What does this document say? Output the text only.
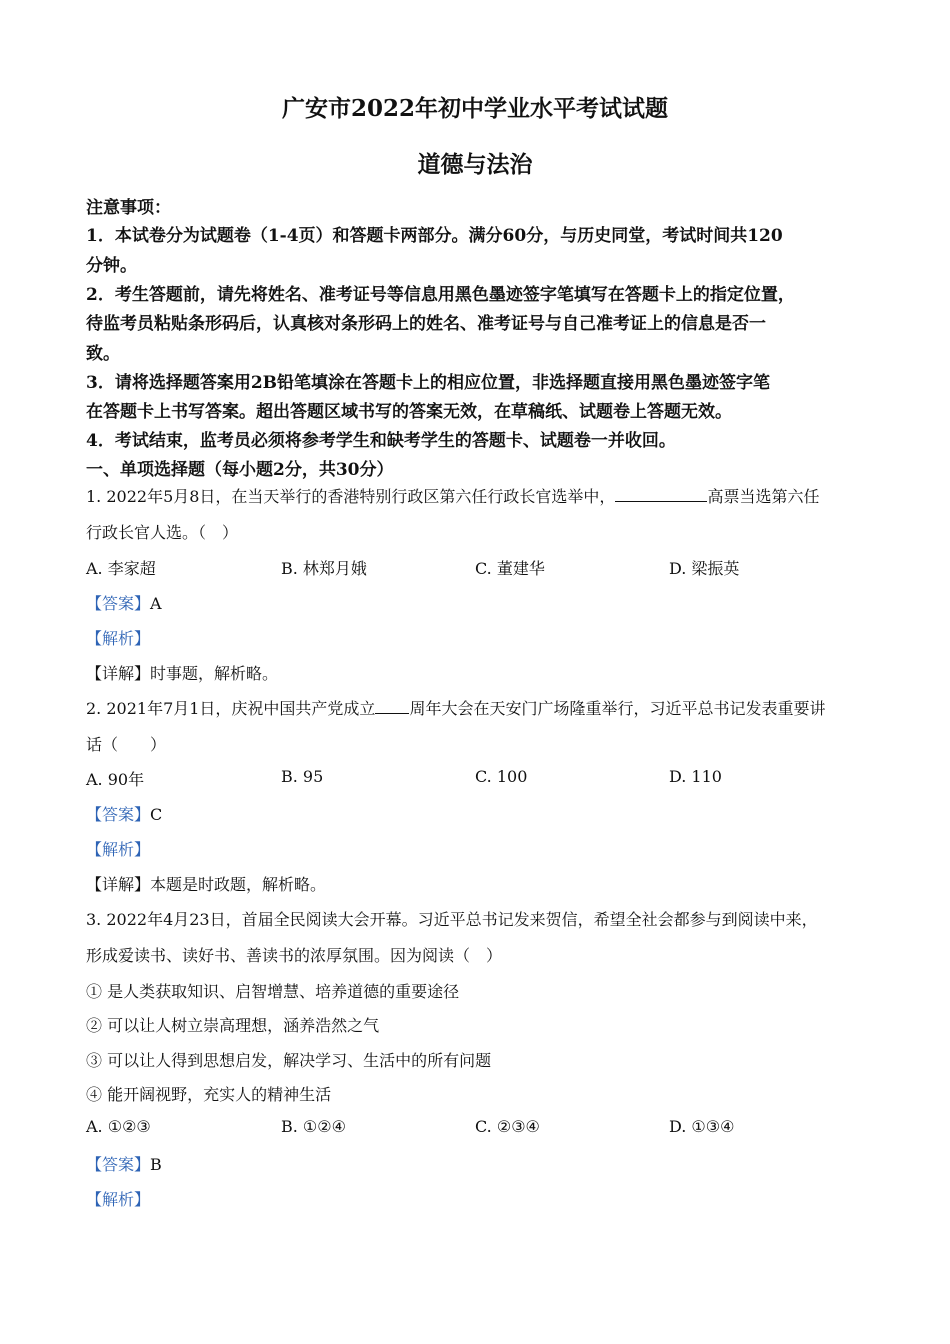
广安市2022年初中学业水平考试试题
道德与法治
注意事项：
1．本试卷分为试题卷（1-4页）和答题卡两部分。满分60分，与历史同堂，考试时间共120
分钟。
2．考生答题前，请先将姓名、准考证号等信息用黑色墨迹签字笔填写在答题卡上的指定位置，
待监考员粘贴条形码后，认真核对条形码上的姓名、准考证号与自己准考证上的信息是否一
致。
3．请将选择题答案用2B铅笔填涂在答题卡上的相应位置，非选择题直接用黑色墨迹签字笔
在答题卡上书写答案。超出答题区域书写的答案无效，在草稿纸、试题卷上答题无效。
4．考试结束，监考员必须将参考学生和缺考学生的答题卡、试题卷一并收回。
一、单项选择题（每小题2分，共30分）
1. 2022年5月8日，在当天举行的香港特别行政区第六任行政长官选举中，	高票当选第六任
行政长官人选。（　）
A. 李家超	B. 林郑月娥	C. 董建华	D. 梁振英
【答案】A
【解析】
【详解】时事题，解析略。
2. 2021年7月1日，庆祝中国共产党成立 周年大会在天安门广场隆重举行，习近平总书记发表重要讲
话（　　）
A. 90年	B. 95	C. 100	D. 110
【答案】C
【解析】
【详解】本题是时政题，解析略。
3. 2022年4月23日，首届全民阅读大会开幕。习近平总书记发来贺信，希望全社会都参与到阅读中来，
形成爱读书、读好书、善读书的浓厚氛围。因为阅读（　）
① 是人类获取知识、启智增慧、培养道德的重要途径
② 可以让人树立崇高理想，涵养浩然之气
③ 可以让人得到思想启发，解决学习、生活中的所有问题
④ 能开阔视野，充实人的精神生活
A. ①②③	B. ①②④	C. ②③④	D. ①③④
【答案】B
【解析】
